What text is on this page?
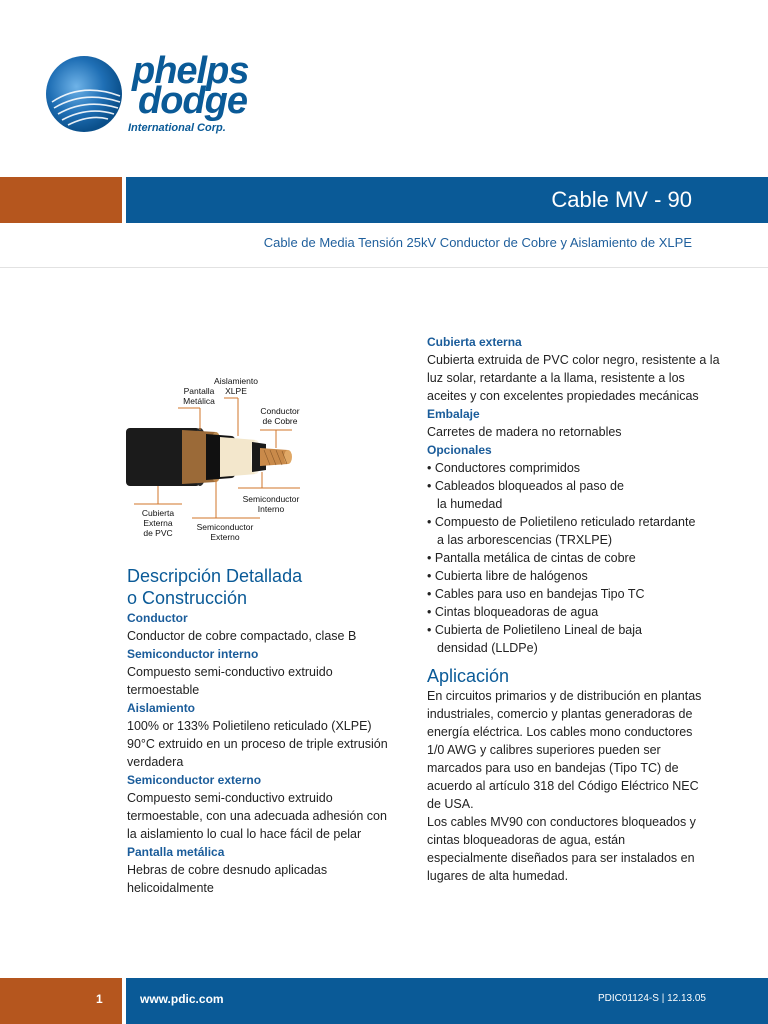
phelps
dodge
International Corp.
Cable MV - 90
Cable de Media Tensión 25kV Conductor de Cobre y Aislamiento de XLPE
Aislamiento
XLPE
Pantalla
Metálica
Conductor
de Cobre
Semiconductor
Interno
Cubierta
Externa
de PVC
Semiconductor
Externo
Descripción Detallada
o Construcción
Conductor
Conductor de cobre compactado, clase B
Semiconductor interno
Compuesto semi-conductivo extruido termoestable
Aislamiento
100% or 133% Polietileno reticulado (XLPE) 90°C extruido en un proceso de triple extrusión verdadera
Semiconductor externo
Compuesto semi-conductivo extruido termoestable, con una adecuada adhesión con la aislamiento lo cual lo hace fácil de pelar
Pantalla metálica
Hebras de cobre desnudo aplicadas helicoidalmente
Cubierta externa
Cubierta extruida de PVC color negro, resistente a la luz solar, retardante a la llama, resistente a los aceites y con excelentes propiedades mecánicas
Embalaje
Carretes de madera no retornables
Opcionales
• Conductores comprimidos
• Cableados bloqueados al paso de la humedad
• Compuesto de Polietileno reticulado retardante a las arborescencias (TRXLPE)
• Pantalla metálica de cintas de cobre
• Cubierta libre de halógenos
• Cables para uso en bandejas Tipo TC
• Cintas bloqueadoras de agua
• Cubierta de Polietileno Lineal de baja densidad (LLDPe)
Aplicación
En circuitos primarios y de distribución en plantas industriales, comercio y plantas generadoras de energía eléctrica. Los cables mono conductores 1/0 AWG y calibres superiores pueden ser marcados para uso en bandejas (Tipo TC) de acuerdo al artículo 318 del Código Eléctrico NEC de USA.
Los cables MV90 con conductores bloqueados y cintas bloqueadoras de agua, están especialmente diseñados para ser instalados en lugares de alta humedad.
1	www.pdic.com	PDIC01124-S | 12.13.05
